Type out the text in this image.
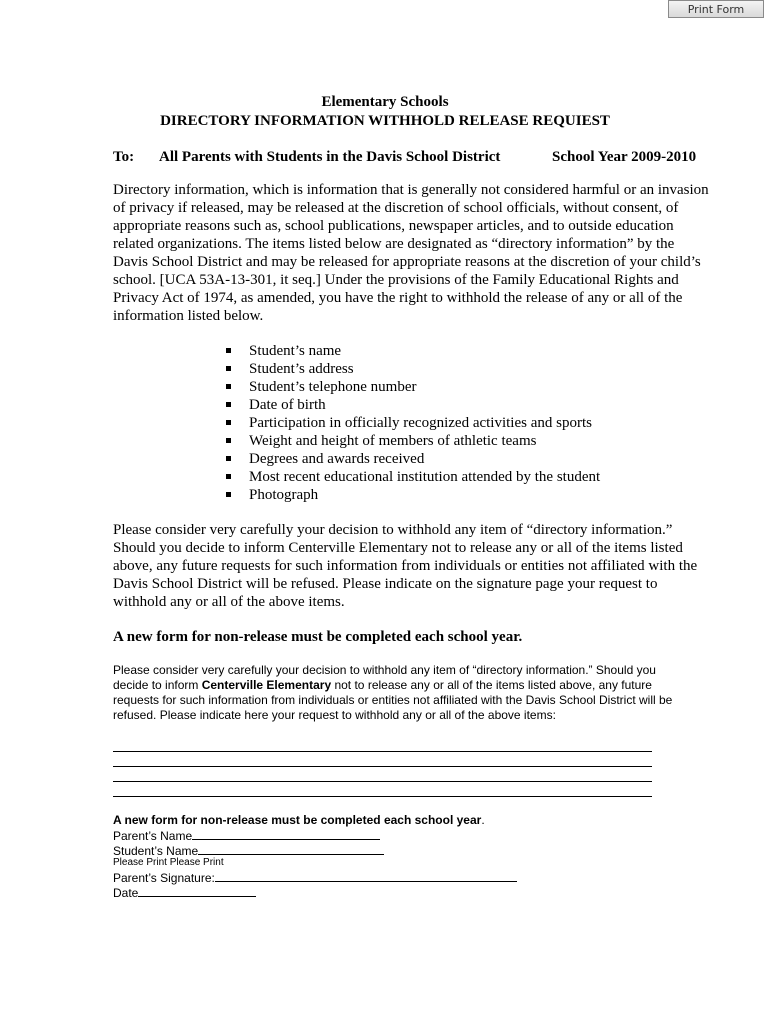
Print Form
Elementary Schools
DIRECTORY INFORMATION WITHHOLD RELEASE REQUIEST
To: All Parents with Students in the Davis School District	School Year 2009-2010
Directory information, which is information that is generally not considered harmful or an invasion of privacy if released, may be released at the discretion of school officials, without consent, of appropriate reasons such as, school publications, newspaper articles, and to outside education related organizations. The items listed below are designated as “directory information” by the Davis School District and may be released for appropriate reasons at the discretion of your child’s school. [UCA 53A-13-301, it seq.] Under the provisions of the Family Educational Rights and Privacy Act of 1974, as amended, you have the right to withhold the release of any or all of the information listed below.
Student’s name
Student’s address
Student’s telephone number
Date of birth
Participation in officially recognized activities and sports
Weight and height of members of athletic teams
Degrees and awards received
Most recent educational institution attended by the student
Photograph
Please consider very carefully your decision to withhold any item of “directory information.” Should you decide to inform Centerville Elementary not to release any or all of the items listed above, any future requests for such information from individuals or entities not affiliated with the Davis School District will be refused. Please indicate on the signature page your request to withhold any or all of the above items.
A new form for non-release must be completed each school year.
Please consider very carefully your decision to withhold any item of “directory information.” Should you decide to inform Centerville Elementary not to release any or all of the items listed above, any future requests for such information from individuals or entities not affiliated with the Davis School District will be refused. Please indicate here your request to withhold any or all of the above items:
A new form for non-release must be completed each school year.
Parent’s Name
Student’s Name
Please Print Please Print
Parent’s Signature:
Date
